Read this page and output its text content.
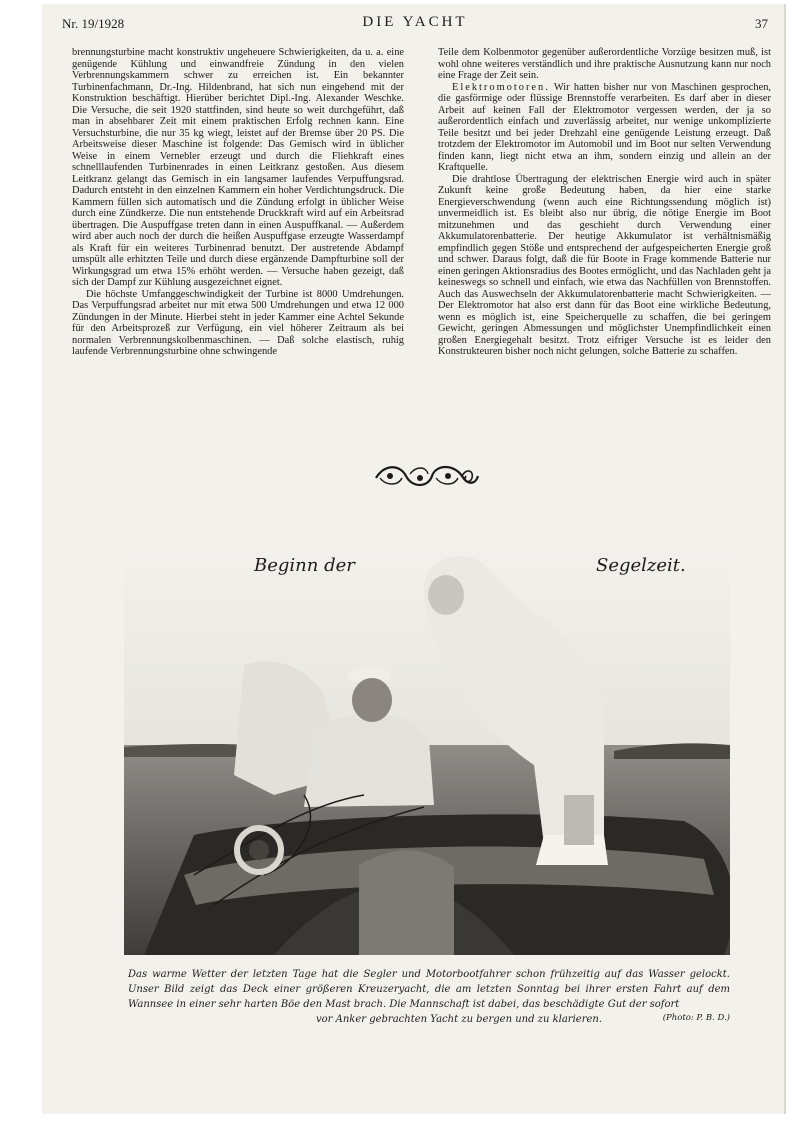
Nr. 19/1928	DIE YACHT	37

brennungsturbine macht konstruktiv ungeheuere Schwierigkeiten, da u. a. eine genügende Kühlung und einwandfreie Zündung in den vielen Verbrennungskammern schwer zu erreichen ist. Ein bekannter Turbinenfachmann, Dr.-Ing. Hildenbrand, hat sich nun eingehend mit der Konstruktion beschäftigt. Hierüber berichtet Dipl.-Ing. Alexander Weschke. Die Versuche, die seit 1920 stattfinden, sind heute so weit durchgeführt, daß man in absehbarer Zeit mit einem praktischen Erfolg rechnen kann. Eine Versuchsturbine, die nur 35 kg wiegt, leistet auf der Bremse über 20 PS. Die Arbeitsweise dieser Maschine ist folgende: Das Gemisch wird in üblicher Weise in einem Vernebler erzeugt und durch die Fliehkraft eines schnelllaufenden Turbinenrades in einen Leitkranz gestoßen. Aus diesem Leitkranz gelangt das Gemisch in ein langsamer laufendes Verpuffungsrad. Dadurch entsteht in den einzelnen Kammern ein hoher Verdichtungsdruck. Die Kammern füllen sich automatisch und die Zündung erfolgt in üblicher Weise durch eine Zündkerze. Die nun entstehende Druckkraft wird auf ein Arbeitsrad übertragen. Die Auspuffgase treten dann in einen Auspuffkanal. — Außerdem wird aber auch noch der durch die heißen Auspuffgase erzeugte Wasserdampf als Kraft für ein weiteres Turbinenrad benutzt. Der austretende Abdampf umspült alle erhitzten Teile und durch diese ergänzende Dampfturbine soll der Wirkungsgrad um etwa 15% erhöht werden. — Versuche haben gezeigt, daß sich der Dampf zur Kühlung ausgezeichnet eignet.

Die höchste Umfanggeschwindigkeit der Turbine ist 8000 Umdrehungen. Das Verpuffungsrad arbeitet nur mit etwa 500 Umdrehungen und etwa 12 000 Zündungen in der Minute. Hierbei steht in jeder Kammer eine Achtel Sekunde für den Arbeitsprozeß zur Verfügung, ein viel höherer Zeitraum als bei normalen Verbrennungskolbenmaschinen. — Daß solche elastisch, ruhig laufende Verbrennungsturbine ohne schwingende

Teile dem Kolbenmotor gegenüber außerordentliche Vorzüge besitzen muß, ist wohl ohne weiteres verständlich und ihre praktische Ausnutzung kann nur noch eine Frage der Zeit sein.

Elektromotoren. Wir hatten bisher nur von Maschinen gesprochen, die gasförmige oder flüssige Brennstoffe verarbeiten. Es darf aber in dieser Arbeit auf keinen Fall der Elektromotor vergessen werden, der ja so außerordentlich einfach und zuverlässig arbeitet, nur wenige unkomplizierte Teile besitzt und bei jeder Drehzahl eine genügende Leistung erzeugt. Daß trotzdem der Elektromotor im Automobil und im Boot nur selten Verwendung finden kann, liegt nicht etwa an ihm, sondern einzig und allein an der Kraftquelle.

Die drahtlose Übertragung der elektrischen Energie wird auch in später Zukunft keine große Bedeutung haben, da hier eine starke Energieverschwendung (wenn auch eine Richtungssendung möglich ist) unvermeidlich ist. Es bleibt also nur übrig, die nötige Energie im Boot mitzunehmen und das geschieht durch Verwendung einer Akkumulatorenbatterie. Der heutige Akkumulator ist verhältnismäßig empfindlich gegen Stöße und entsprechend der aufgespeicherten Energie groß und schwer. Daraus folgt, daß die für Boote in Frage kommende Batterie nur einen geringen Aktionsradius des Bootes ermöglicht, und das Nachladen geht ja keineswegs so schnell und einfach, wie etwa das Nachfüllen von Brennstoffen. Auch das Auswechseln der Akkumulatorenbatterie macht Schwierigkeiten. — Der Elektromotor hat also erst dann für das Boot eine wirkliche Bedeutung, wenn es möglich ist, eine Speicherquelle zu schaffen, die bei geringem Gewicht, geringen Abmessungen und möglichster Unempfindlichkeit einen großen Energiegehalt besitzt. Trotz eifriger Versuche ist es leider den Konstrukteuren bisher noch nicht gelungen, solche Batterie zu schaffen.

Beginn der	Segelzeit.
Das warme Wetter der letzten Tage hat die Segler und Motorbootfahrer schon frühzeitig auf das Wasser gelockt. Unser Bild zeigt das Deck einer größeren Kreuzeryacht, die am letzten Sonntag bei ihrer ersten Fahrt auf dem Wannsee in einer sehr harten Böe den Mast brach. Die Mannschaft ist dabei, das beschädigte Gut der sofort
vor Anker gebrachten Yacht zu bergen und zu klarieren.	(Photo: P. B. D.)
